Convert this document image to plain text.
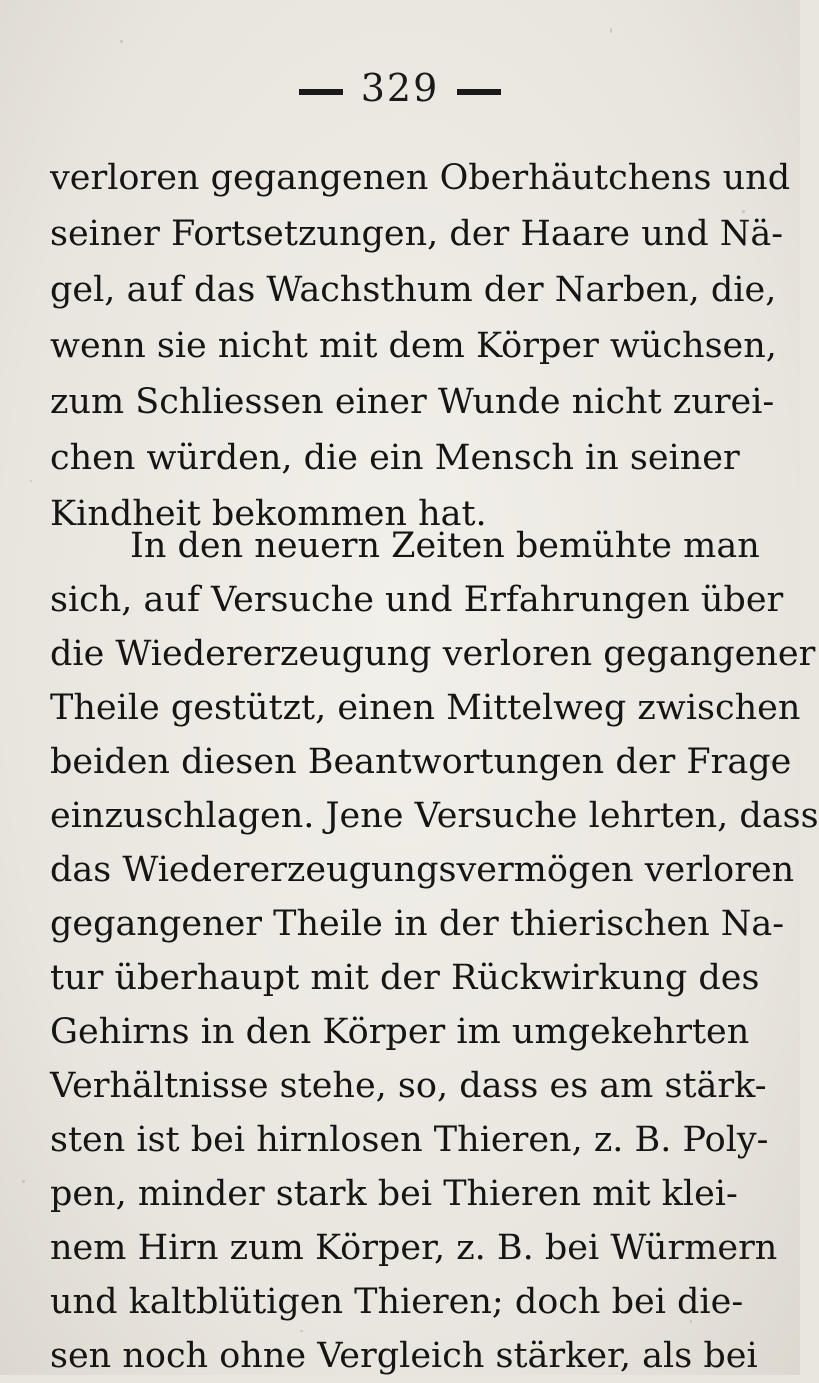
329
verloren gegangenen Oberhäutchens und
seiner Fortsetzungen, der Haare und Nä-
gel, auf das Wachsthum der Narben, die,
wenn sie nicht mit dem Körper wüchsen,
zum Schliessen einer Wunde nicht zurei-
chen würden, die ein Mensch in seiner
Kindheit bekommen hat.
In den neuern Zeiten bemühte man
sich, auf Versuche und Erfahrungen über
die Wiedererzeugung verloren gegangener
Theile gestützt, einen Mittelweg zwischen
beiden diesen Beantwortungen der Frage
einzuschlagen. Jene Versuche lehrten, dass
das Wiedererzeugungsvermögen verloren
gegangener Theile in der thierischen Na-
tur überhaupt mit der Rückwirkung des
Gehirns in den Körper im umgekehrten
Verhältnisse stehe, so, dass es am stärk-
sten ist bei hirnlosen Thieren, z. B. Poly-
pen, minder stark bei Thieren mit klei-
nem Hirn zum Körper, z. B. bei Würmern
und kaltblütigen Thieren; doch bei die-
sen noch ohne Vergleich stärker, als bei
